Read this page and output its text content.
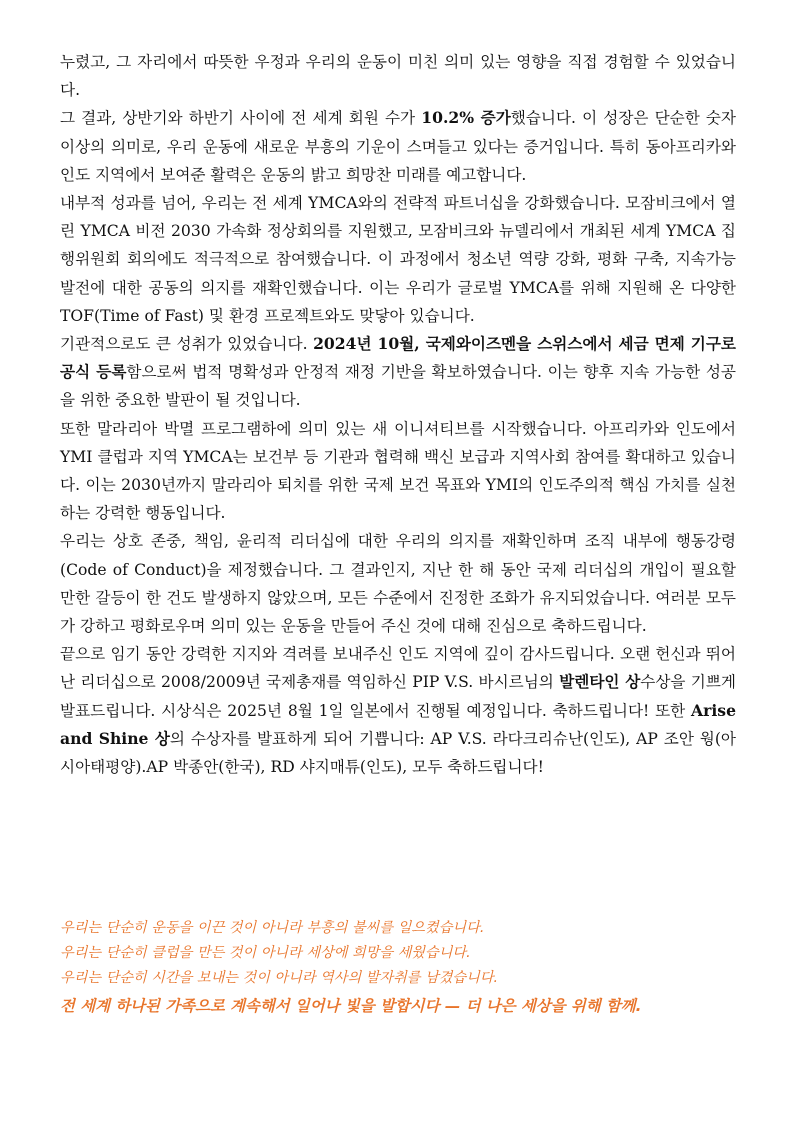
누렸고, 그 자리에서 따뜻한 우정과 우리의 운동이 미친 의미 있는 영향을 직접 경험할 수 있었습니다.

그 결과, 상반기와 하반기 사이에 전 세계 회원 수가 10.2% 증가했습니다. 이 성장은 단순한 숫자 이상의 의미로, 우리 운동에 새로운 부흥의 기운이 스며들고 있다는 증거입니다. 특히 동아프리카와 인도 지역에서 보여준 활력은 운동의 밝고 희망찬 미래를 예고합니다.

내부적 성과를 넘어, 우리는 전 세계 YMCA와의 전략적 파트너십을 강화했습니다. 모잠비크에서 열린 YMCA 비전 2030 가속화 정상회의를 지원했고, 모잠비크와 뉴델리에서 개최된 세계 YMCA 집행위원회 회의에도 적극적으로 참여했습니다. 이 과정에서 청소년 역량 강화, 평화 구축, 지속가능 발전에 대한 공동의 의지를 재확인했습니다. 이는 우리가 글로벌 YMCA를 위해 지원해 온 다양한 TOF(Time of Fast) 및 환경 프로젝트와도 맞닿아 있습니다.

기관적으로도 큰 성취가 있었습니다. 2024년 10월, 국제와이즈멘을 스위스에서 세금 면제 기구로 공식 등록함으로써 법적 명확성과 안정적 재정 기반을 확보하였습니다. 이는 향후 지속 가능한 성공을 위한 중요한 발판이 될 것입니다.

또한 말라리아 박멸 프로그램하에 의미 있는 새 이니셔티브를 시작했습니다. 아프리카와 인도에서 YMI 클럽과 지역 YMCA는 보건부 등 기관과 협력해 백신 보급과 지역사회 참여를 확대하고 있습니다. 이는 2030년까지 말라리아 퇴치를 위한 국제 보건 목표와 YMI의 인도주의적 핵심 가치를 실천하는 강력한 행동입니다.

우리는 상호 존중, 책임, 윤리적 리더십에 대한 우리의 의지를 재확인하며 조직 내부에 행동강령(Code of Conduct)을 제정했습니다. 그 결과인지, 지난 한 해 동안 국제 리더십의 개입이 필요할 만한 갈등이 한 건도 발생하지 않았으며, 모든 수준에서 진정한 조화가 유지되었습니다. 여러분 모두가 강하고 평화로우며 의미 있는 운동을 만들어 주신 것에 대해 진심으로 축하드립니다.

끝으로 임기 동안 강력한 지지와 격려를 보내주신 인도 지역에 깊이 감사드립니다. 오랜 헌신과 뛰어난 리더십으로 2008/2009년 국제총재를 역임하신 PIP V.S. 바시르님의 발렌타인 상수상을 기쁘게 발표드립니다. 시상식은 2025년 8월 1일 일본에서 진행될 예정입니다. 축하드립니다! 또한 Arise and Shine 상의 수상자를 발표하게 되어 기쁩니다: AP V.S. 라다크리슈난(인도), AP 조안 웡(아시아태평양).AP 박종안(한국), RD 샤지매튜(인도), 모두 축하드립니다!

우리는 단순히 운동을 이끈 것이 아니라 부흥의 불씨를 일으켰습니다.

우리는 단순히 클럽을 만든 것이 아니라 세상에 희망을 세웠습니다.

우리는 단순히 시간을 보내는 것이 아니라 역사의 발자취를 남겼습니다.

전 세계 하나된 가족으로 계속해서 일어나 빛을 발합시다 — 더 나은 세상을 위해 함께.
